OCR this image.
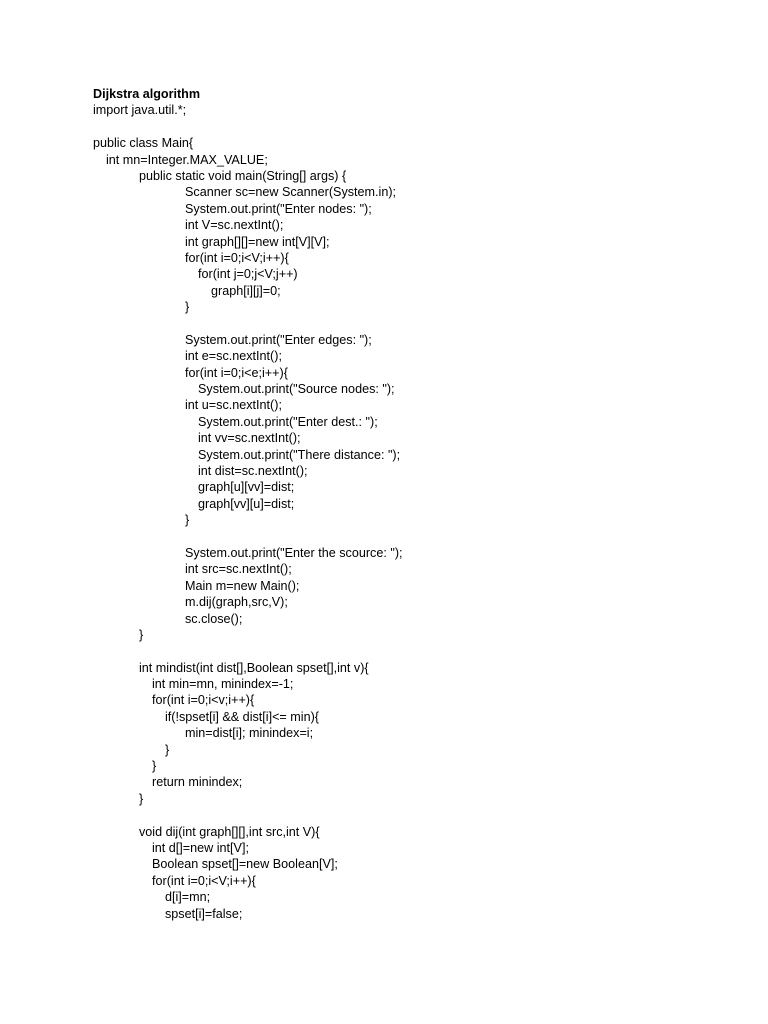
Dijkstra algorithm
import java.util.*;
public class Main{
int mn=Integer.MAX_VALUE;
public static void main(String[] args) {
Scanner sc=new Scanner(System.in);
System.out.print("Enter nodes: ");
int V=sc.nextInt();
int graph[][]=new int[V][V];
for(int i=0;i<V;i++){
for(int j=0;j<V;j++)
graph[i][j]=0;
}
System.out.print("Enter edges: ");
int e=sc.nextInt();
for(int i=0;i<e;i++){
System.out.print("Source nodes: ");
int u=sc.nextInt();
System.out.print("Enter dest.: ");
int vv=sc.nextInt();
System.out.print("There distance: ");
int dist=sc.nextInt();
graph[u][vv]=dist;
graph[vv][u]=dist;
}
System.out.print("Enter the scource: ");
int src=sc.nextInt();
Main m=new Main();
m.dij(graph,src,V);
sc.close();
}
int mindist(int dist[],Boolean spset[],int v){
int min=mn, minindex=-1;
for(int i=0;i<v;i++){
if(!spset[i] && dist[i]<= min){
min=dist[i]; minindex=i;
}
}
return minindex;
}
void dij(int graph[][],int src,int V){
int d[]=new int[V];
Boolean spset[]=new Boolean[V];
for(int i=0;i<V;i++){
d[i]=mn;
spset[i]=false;
